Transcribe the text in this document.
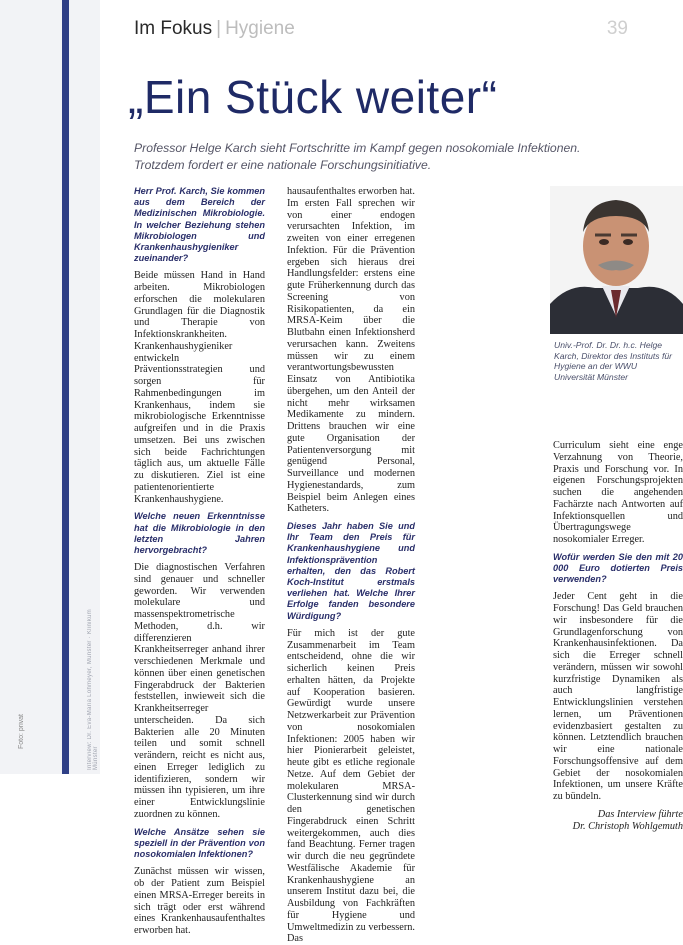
Interview: Dr. Eva-Maria Lohmeyer, Münster · Klinikum Münster
Foto: privat
Im Fokus | Hygiene	39
„Ein Stück weiter“
Professor Helge Karch sieht Fortschritte im Kampf gegen nosokomiale Infektionen. Trotzdem fordert er eine nationale Forschungsinitiative.

Herr Prof. Karch, Sie kommen aus dem Bereich der Medizinischen Mikrobiologie. In welcher Beziehung stehen Mikrobiologen und Krankenhaushygieniker zueinander?

Beide müssen Hand in Hand arbeiten. Mikrobiologen erforschen die molekularen Grundlagen für die Diagnostik und Therapie von Infektionskrankheiten. Krankenhaushygieniker entwickeln Präventionsstrategien und sorgen für Rahmenbedingungen im Krankenhaus, indem sie mikrobiologische Erkenntnisse aufgreifen und in die Praxis umsetzen. Bei uns zwischen sich beide Fachrichtungen täglich aus, um aktuelle Fälle zu diskutieren. Ziel ist eine patientenorientierte Krankenhaushygiene.

Welche neuen Erkenntnisse hat die Mikrobiologie in den letzten Jahren hervorgebracht?

Die diagnostischen Verfahren sind genauer und schneller geworden. Wir verwenden molekulare und massenspektrometrische Methoden, d.h. wir differenzieren Krankheitserreger anhand ihrer verschiedenen Merkmale und können über einen genetischen Fingerabdruck der Bakterien feststellen, inwieweit sich die Krankheitserreger unterscheiden. Da sich Bakterien alle 20 Minuten teilen und somit schnell verändern, reicht es nicht aus, einen Erreger lediglich zu identifizieren, sondern wir müssen ihn typisieren, um ihre einer Entwicklungslinie zuordnen zu können.

Welche Ansätze sehen sie speziell in der Prävention von nosokomialen Infektionen?

Zunächst müssen wir wissen, ob der Patient zum Beispiel einen MRSA-Erreger bereits in sich trägt oder erst während eines Krankenhausaufenthaltes erworben hat.

hausaufenthaltes erworben hat. Im ersten Fall sprechen wir von einer endogen verursachten Infektion, im zweiten von einer erregenen Infektion. Für die Prävention ergeben sich hieraus drei Handlungsfelder: erstens eine gute Früherkennung durch das Screening von Risikopatienten, da ein MRSA-Keim über die Blutbahn einen Infektionsherd verursachen kann. Zweitens müssen wir zu einem verantwortungsbewussten Einsatz von Antibiotika übergehen, um den Anteil der nicht mehr wirksamen Medikamente zu mindern. Drittens brauchen wir eine gute Organisation der Patientenversorgung mit genügend Personal, Surveillance und modernen Hygienestandards, zum Beispiel beim Anlegen eines Katheters.

Dieses Jahr haben Sie und Ihr Team den Preis für Krankenhaushygiene und Infektionsprävention erhalten, den das Robert Koch-Institut erstmals verliehen hat. Welche Ihrer Erfolge fanden besondere Würdigung?

Für mich ist der gute Zusammenarbeit im Team entscheidend, ohne die wir sicherlich keinen Preis erhalten hätten, da Projekte auf Kooperation basieren. Gewürdigt wurde unsere Netzwerkarbeit zur Prävention von nosokomialen Infektionen: 2005 haben wir hier Pionierarbeit geleistet, heute gibt es etliche regionale Netze. Auf dem Gebiet der molekularen MRSA-Clusterkennung sind wir durch den genetischen Fingerabdruck einen Schritt weitergekommen, auch dies fand Beachtung. Ferner tragen wir durch die neu gegründete Westfälische Akademie für Krankenhaushygiene an unserem Institut dazu bei, die Ausbildung von Fachkräften für Hygiene und Umweltmedizin zu verbessern. Das

Univ.-Prof. Dr. Dr. h.c. Helge Karch, Direktor des Instituts für Hygiene an der WWU Universität Münster

Curriculum sieht eine enge Verzahnung von Theorie, Praxis und Forschung vor. In eigenen Forschungsprojekten suchen die angehenden Fachärzte nach Antworten auf Infektionsquellen und Übertragungswege nosokomialer Erreger.

Wofür werden Sie den mit 20 000 Euro dotierten Preis verwenden?

Jeder Cent geht in die Forschung! Das Geld brauchen wir insbesondere für die Grundlagenforschung von Krankenhausinfektionen. Da sich die Erreger schnell verändern, müssen wir sowohl kurzfristige Dynamiken als auch langfristige Entwicklungslinien verstehen lernen, um Präventionen evidenzbasiert gestalten zu können. Letztendlich brauchen wir eine nationale Forschungsoffensive auf dem Gebiet der nosokomialen Infektionen, um unsere Kräfte zu bündeln.

Das Interview führte
Dr. Christoph Wohlgemuth
